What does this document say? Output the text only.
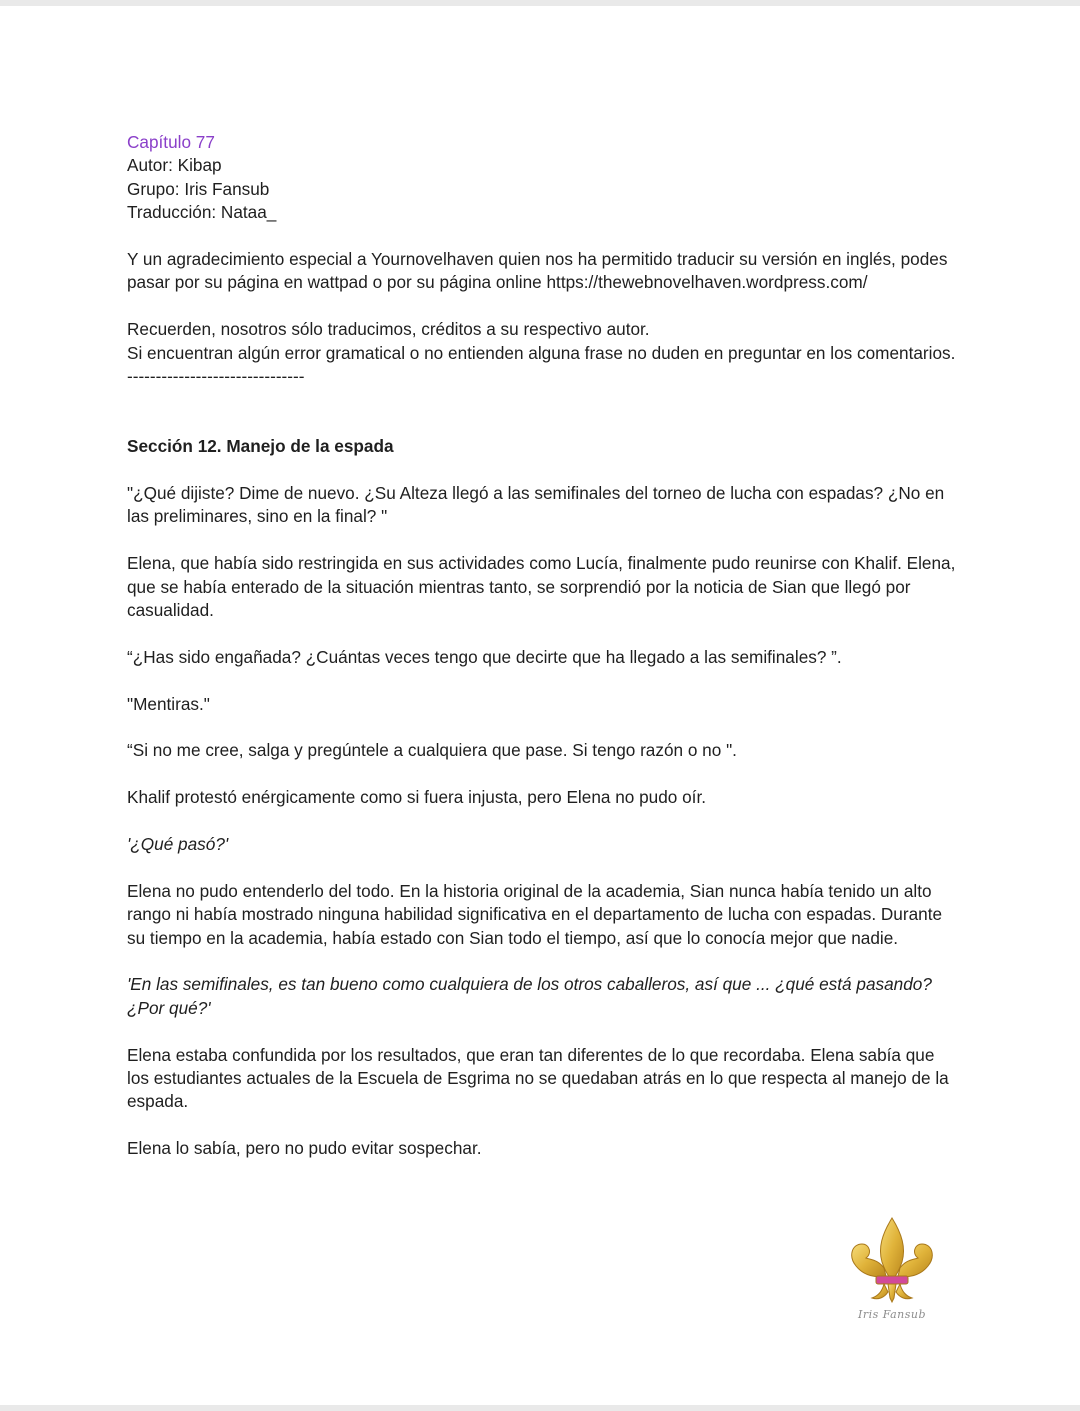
Capítulo 77

Autor: Kibap

Grupo: Iris Fansub

Traducción: Nataa_

Y un agradecimiento especial a Yournovelhaven quien nos ha permitido traducir su versión en inglés, podes pasar por su página en wattpad o por su página online https://thewebnovelhaven.wordpress.com/

Recuerden, nosotros sólo traducimos, créditos a su respectivo autor.

Si encuentran algún error gramatical o no entienden alguna frase no duden en preguntar en los comentarios.

-------------------------------

Sección 12. Manejo de la espada

"¿Qué dijiste? Dime de nuevo. ¿Su Alteza llegó a las semifinales del torneo de lucha con espadas? ¿No en las preliminares, sino en la final? "

Elena, que había sido restringida en sus actividades como Lucía, finalmente pudo reunirse con Khalif. Elena, que se había enterado de la situación mientras tanto, se sorprendió por la noticia de Sian que llegó por casualidad.

“¿Has sido engañada? ¿Cuántas veces tengo que decirte que ha llegado a las semifinales? ”.

"Mentiras."

“Si no me cree, salga y pregúntele a cualquiera que pase. Si tengo razón o no ".

Khalif protestó enérgicamente como si fuera injusta, pero Elena no pudo oír.

'¿Qué pasó?'

Elena no pudo entenderlo del todo. En la historia original de la academia, Sian nunca había tenido un alto rango ni había mostrado ninguna habilidad significativa en el departamento de lucha con espadas. Durante su tiempo en la academia, había estado con Sian todo el tiempo, así que lo conocía mejor que nadie.

'En las semifinales, es tan bueno como cualquiera de los otros caballeros, así que ... ¿qué está pasando? ¿Por qué?'

Elena estaba confundida por los resultados, que eran tan diferentes de lo que recordaba. Elena sabía que los estudiantes actuales de la Escuela de Esgrima no se quedaban atrás en lo que respecta al manejo de la espada.

Elena lo sabía, pero no pudo evitar sospechar.

Iris Fansub
